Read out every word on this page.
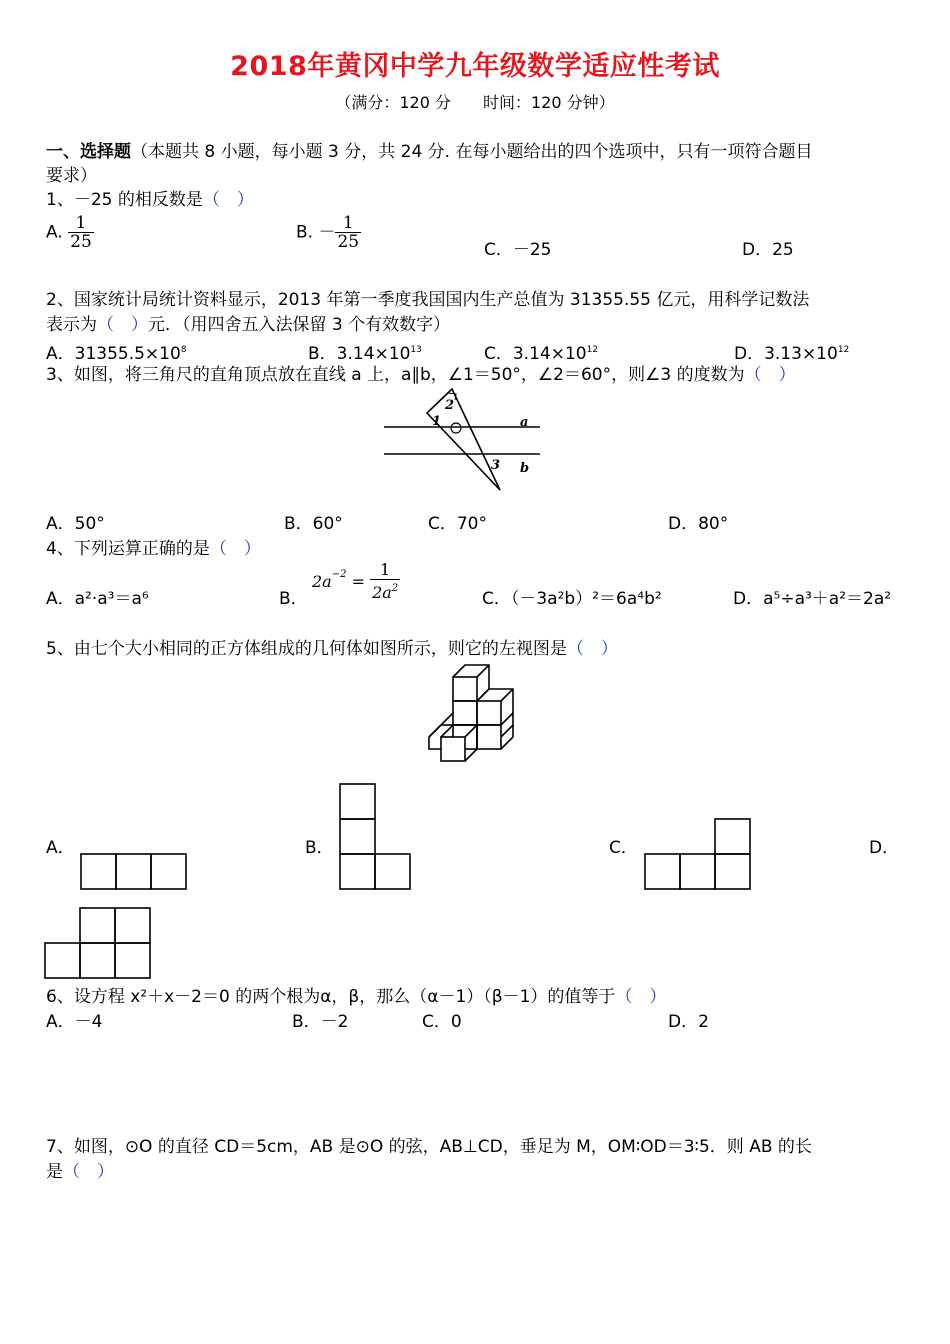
2018年黄冈中学九年级数学适应性考试
（满分：120 分　　时间：120 分钟）
一、选择题（本题共 8 小题，每小题 3 分，共 24 分. 在每小题给出的四个选项中，只有一项符合题目
要求）
1、－25 的相反数是（　）
A. $\frac{1}{25}$	B. － $\frac{1}{25}$	C．－25	D．25
2、国家统计局统计资料显示，2013 年第一季度我国国内生产总值为 31355.55 亿元，用科学记数法
表示为（　）元．（用四舍五入法保留 3 个有效数字）
A．$31355.5\times 10^8$	B．$3.14\times 10^{13}$	C．$3.14\times 10^{12}$	D．$3.13\times 10^{12}$
3、如图，将三角尺的直角顶点放在直线 a 上，a∥b，∠1＝50°，∠2＝60°，则∠3 的度数为（　）
1
2
3
a
b
A．50°	B．60°	C．70°	D．80°
4、下列运算正确的是（　）
A．a²·a³＝a⁶	B．
$2a^{-2} = \frac{1}{2a^2}$	C．（－3a²b）²＝6a⁴b²	D．a⁵÷a³＋a²＝2a²
5、由七个大小相同的正方体组成的几何体如图所示，则它的左视图是（　）
A．	B．	C．	D．
6、设方程 x²＋x－2＝0 的两个根为α，β，那么（α－1）（β－1）的值等于（　）
A．－4	B．－2	C．0	D．2
7、如图，⊙O 的直径 CD＝5cm，AB 是⊙O 的弦，AB⊥CD，垂足为 M，OM∶OD＝3∶5．则 AB 的长
是（　）
